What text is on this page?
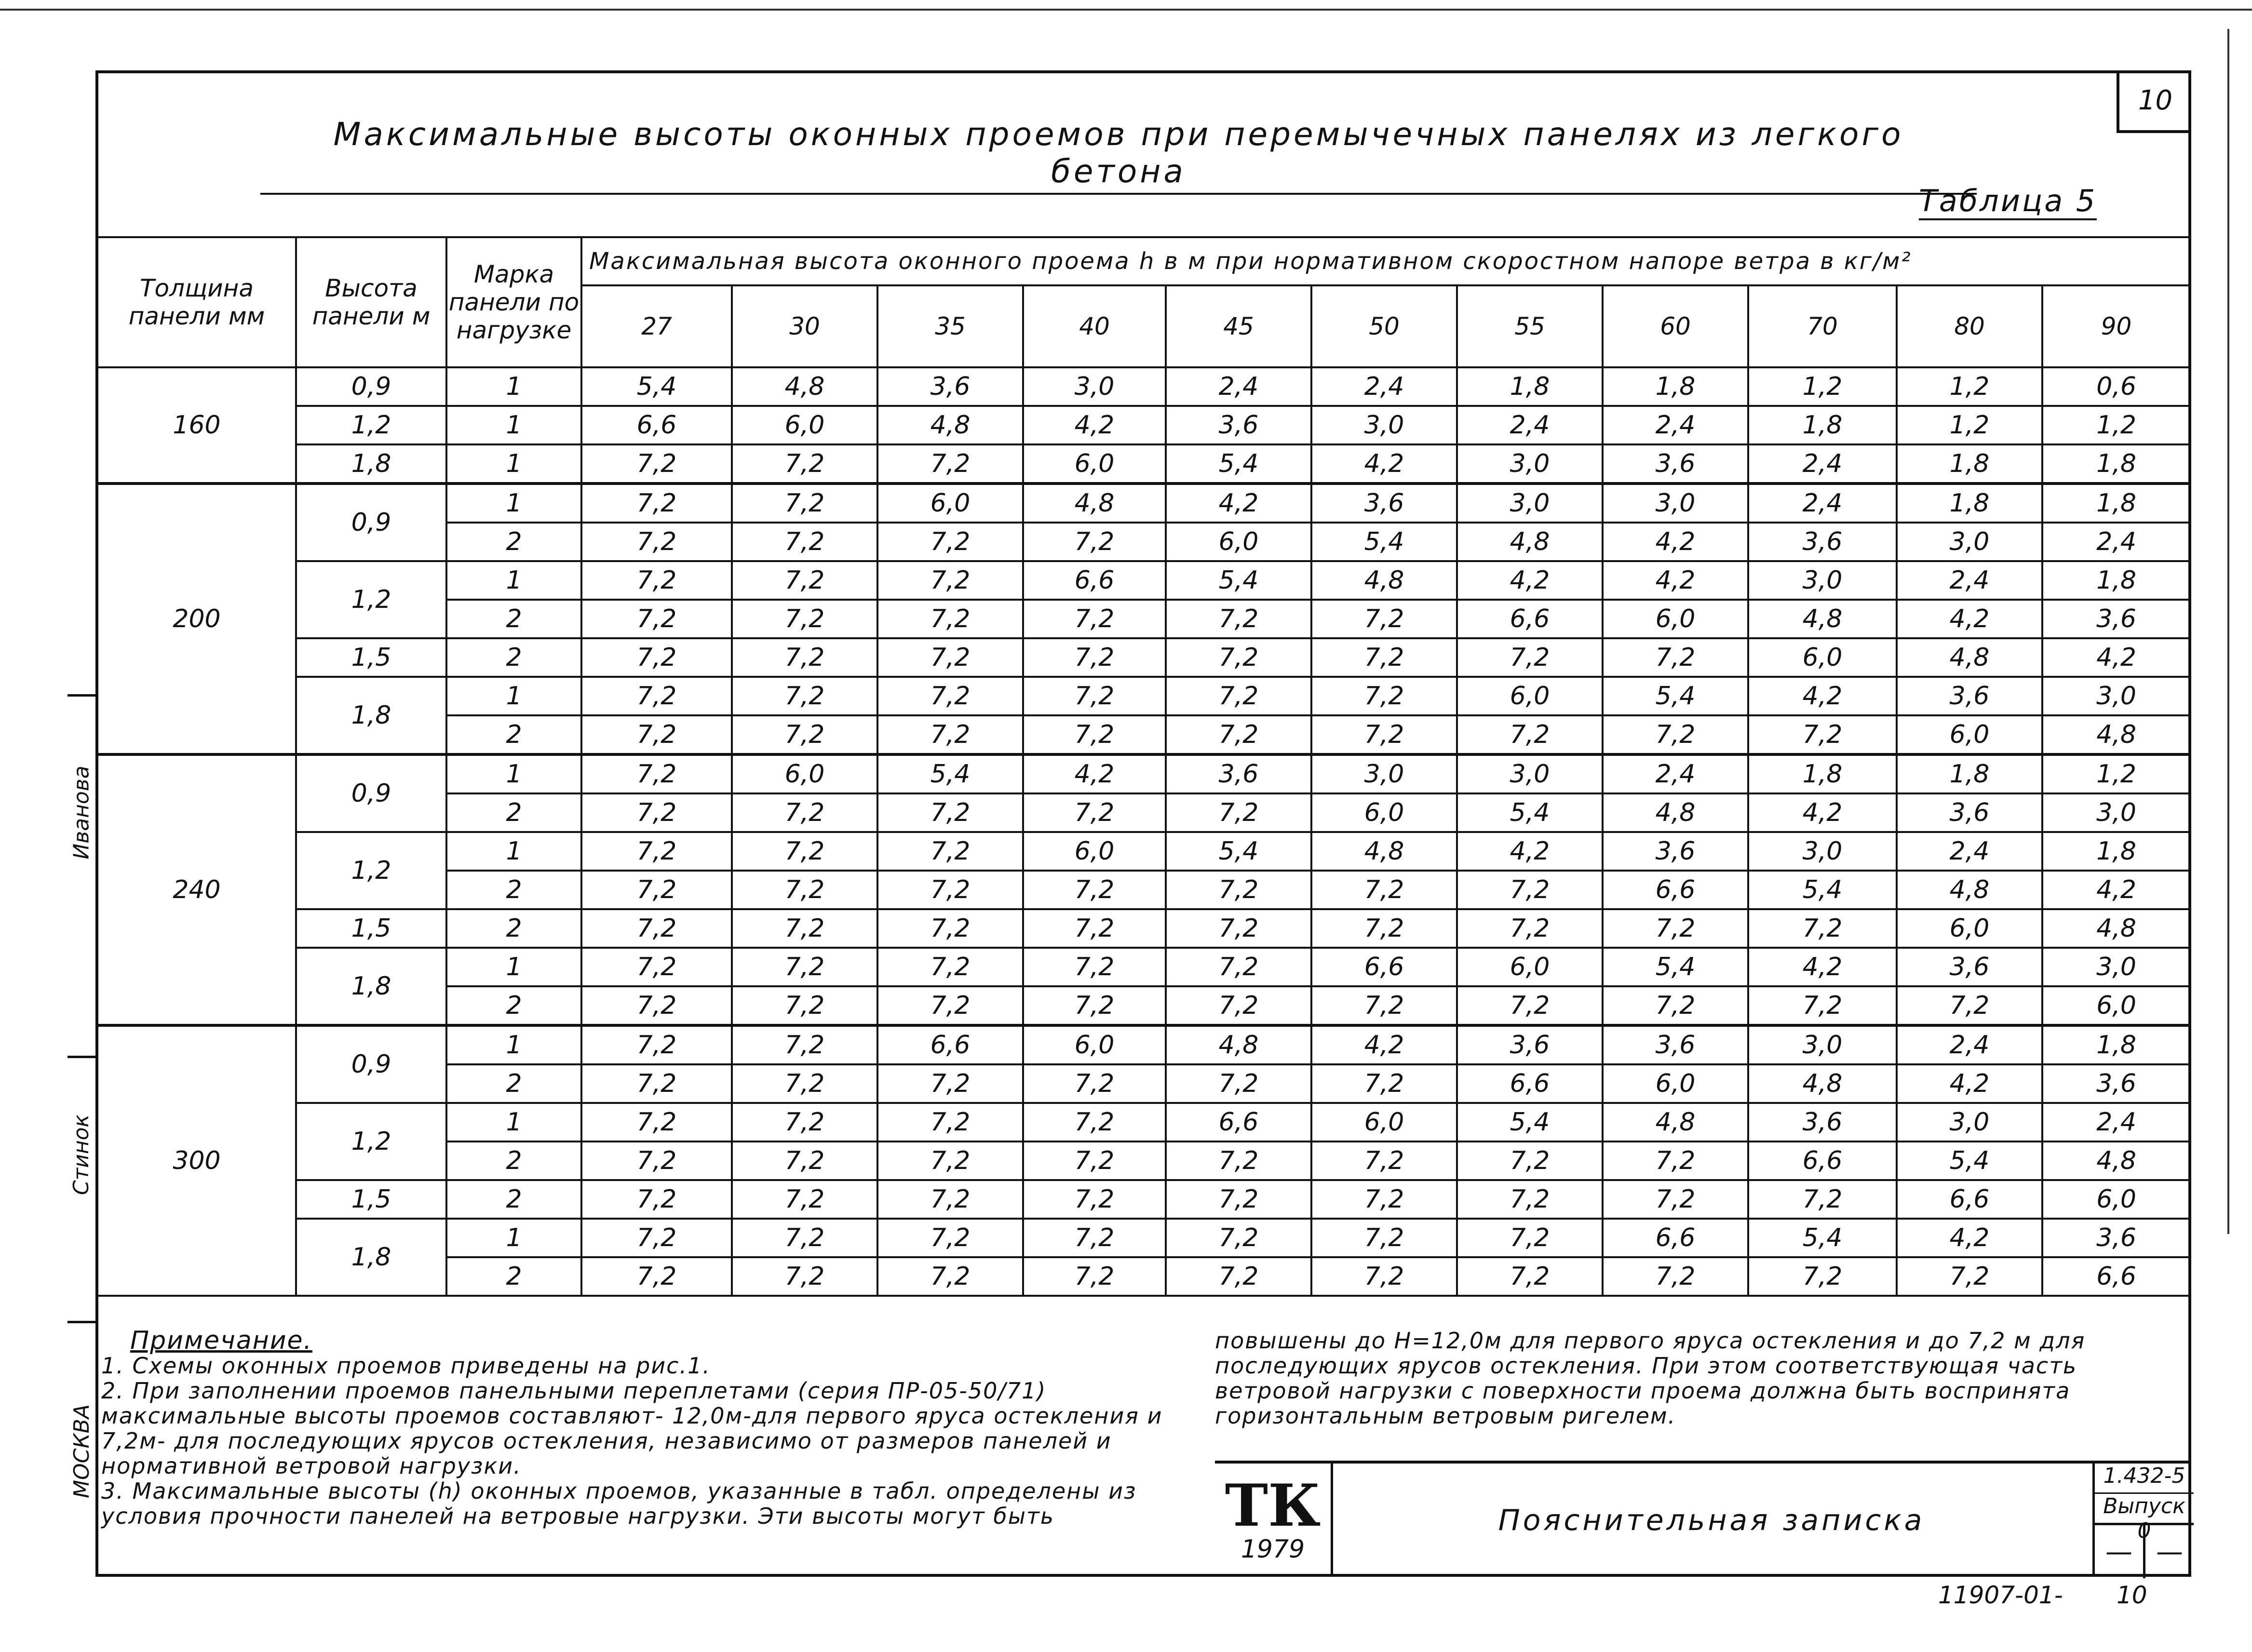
10
Максимальные высоты оконных проемов при перемычечных панелях из легкого бетона
Таблица 5
Толщина панели мм	Высота панели м	Марка панели по нагрузке	Максимальная высота оконного проема h в м при нормативном скоростном напоре ветра в кг/м²										
			27	30	35	40	45	50	55	60	70	80	90
160	0,9	1	5,4	4,8	3,6	3,0	2,4	2,4	1,8	1,8	1,2	1,2	0,6
	1,2	1	6,6	6,0	4,8	4,2	3,6	3,0	2,4	2,4	1,8	1,2	1,2
	1,8	1	7,2	7,2	7,2	6,0	5,4	4,2	3,0	3,6	2,4	1,8	1,8
200	0,9	1	7,2	7,2	6,0	4,8	4,2	3,6	3,0	3,0	2,4	1,8	1,8
		2	7,2	7,2	7,2	7,2	6,0	5,4	4,8	4,2	3,6	3,0	2,4
	1,2	1	7,2	7,2	7,2	6,6	5,4	4,8	4,2	4,2	3,0	2,4	1,8
		2	7,2	7,2	7,2	7,2	7,2	7,2	6,6	6,0	4,8	4,2	3,6
	1,5	2	7,2	7,2	7,2	7,2	7,2	7,2	7,2	7,2	6,0	4,8	4,2
	1,8	1	7,2	7,2	7,2	7,2	7,2	7,2	6,0	5,4	4,2	3,6	3,0
		2	7,2	7,2	7,2	7,2	7,2	7,2	7,2	7,2	7,2	6,0	4,8
240	0,9	1	7,2	6,0	5,4	4,2	3,6	3,0	3,0	2,4	1,8	1,8	1,2
		2	7,2	7,2	7,2	7,2	7,2	6,0	5,4	4,8	4,2	3,6	3,0
	1,2	1	7,2	7,2	7,2	6,0	5,4	4,8	4,2	3,6	3,0	2,4	1,8
		2	7,2	7,2	7,2	7,2	7,2	7,2	7,2	6,6	5,4	4,8	4,2
	1,5	2	7,2	7,2	7,2	7,2	7,2	7,2	7,2	7,2	7,2	6,0	4,8
	1,8	1	7,2	7,2	7,2	7,2	7,2	6,6	6,0	5,4	4,2	3,6	3,0
		2	7,2	7,2	7,2	7,2	7,2	7,2	7,2	7,2	7,2	7,2	6,0
300	0,9	1	7,2	7,2	6,6	6,0	4,8	4,2	3,6	3,6	3,0	2,4	1,8
		2	7,2	7,2	7,2	7,2	7,2	7,2	6,6	6,0	4,8	4,2	3,6
	1,2	1	7,2	7,2	7,2	7,2	6,6	6,0	5,4	4,8	3,6	3,0	2,4
		2	7,2	7,2	7,2	7,2	7,2	7,2	7,2	7,2	6,6	5,4	4,8
	1,5	2	7,2	7,2	7,2	7,2	7,2	7,2	7,2	7,2	7,2	6,6	6,0
	1,8	1	7,2	7,2	7,2	7,2	7,2	7,2	7,2	6,6	5,4	4,2	3,6
		2	7,2	7,2	7,2	7,2	7,2	7,2	7,2	7,2	7,2	7,2	6,6
Примечание.
1. Схемы оконных проемов приведены на рис.1.
2. При заполнении проемов панельными переплетами (серия ПР-05-50/71) максимальные высоты проемов составляют- 12,0м-для первого яруса остекления и 7,2м- для последующих ярусов остекления, независимо от размеров панелей и нормативной ветровой нагрузки.
3. Максимальные высоты (h) оконных проемов, указанные в табл. определены из условия прочности панелей на ветровые нагрузки. Эти высоты могут быть
повышены до H=12,0м для первого яруса остекления и до 7,2 м для последующих ярусов остекления. При этом соответствующая часть ветровой нагрузки с поверхности проема должна быть воспринята горизонтальным ветровым ригелем.
ТК
1979
Пояснительная записка
1.432-5
Выпуск 0
— —
Иванова
Стинок
МОСКВА
11907-01- 10
